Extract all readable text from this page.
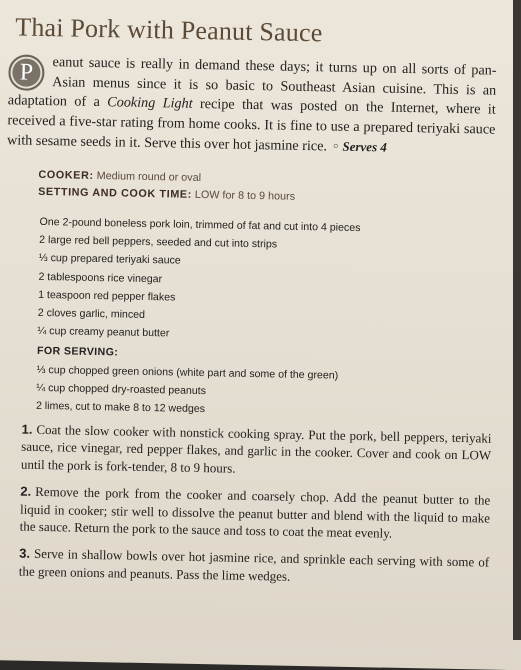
Thai Pork with Peanut Sauce
P	eanut sauce is really in demand these days; it turns up on all sorts of pan-Asian menus since it is so basic to Southeast Asian cuisine. This is an adaptation of a Cooking Light recipe that was posted on the Internet, where it received a five-star rating from home cooks. It is fine to use a prepared teriyaki sauce with sesame seeds in it. Serve this over hot jasmine rice. ○ Serves 4
COOKER: Medium round or oval
SETTING AND COOK TIME: LOW for 8 to 9 hours
One 2-pound boneless pork loin, trimmed of fat and cut into 4 pieces
2 large red bell peppers, seeded and cut into strips
⅓ cup prepared teriyaki sauce
2 tablespoons rice vinegar
1 teaspoon red pepper flakes
2 cloves garlic, minced
¼ cup creamy peanut butter
FOR SERVING:
⅓ cup chopped green onions (white part and some of the green)
¼ cup chopped dry-roasted peanuts
2 limes, cut to make 8 to 12 wedges
1. Coat the slow cooker with nonstick cooking spray. Put the pork, bell peppers, teriyaki sauce, rice vinegar, red pepper flakes, and garlic in the cooker. Cover and cook on LOW until the pork is fork-tender, 8 to 9 hours.
2. Remove the pork from the cooker and coarsely chop. Add the peanut butter to the liquid in cooker; stir well to dissolve the peanut butter and blend with the liquid to make the sauce. Return the pork to the sauce and toss to coat the meat evenly.
3. Serve in shallow bowls over hot jasmine rice, and sprinkle each serving with some of the green onions and peanuts. Pass the lime wedges.
